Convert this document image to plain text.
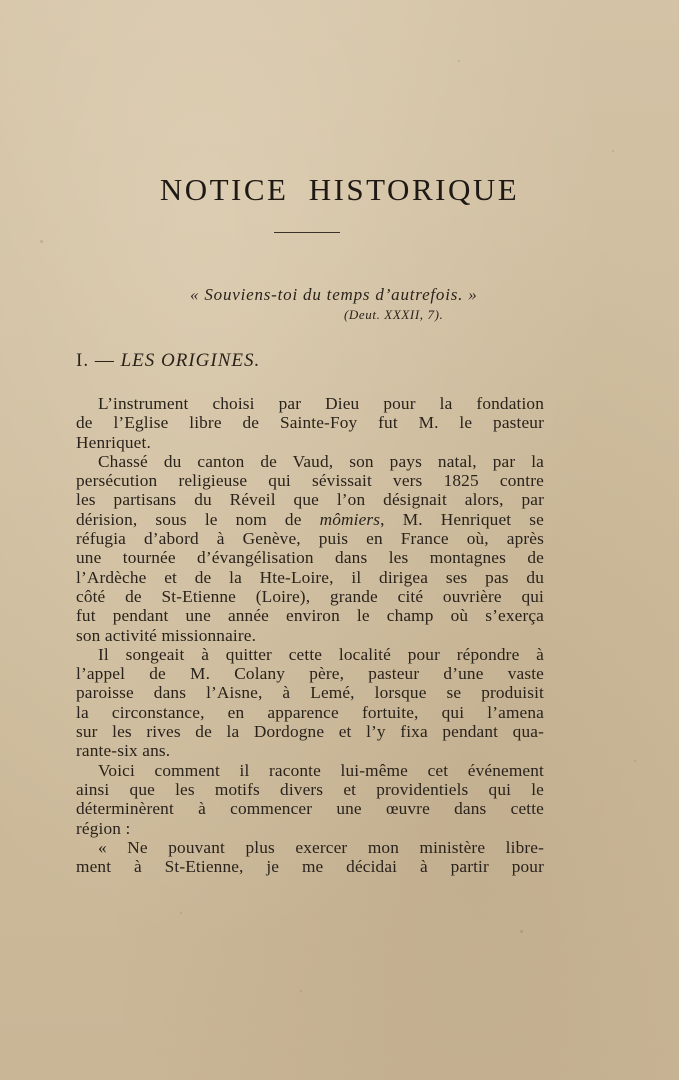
NOTICE HISTORIQUE
« Souviens-toi du temps d’autrefois. »
(Deut. XXXII, 7).
I. — LES ORIGINES.
L’instrument choisi par Dieu pour la fondation
de l’Eglise libre de Sainte-Foy fut M. le pasteur
Henriquet.
Chassé du canton de Vaud, son pays natal, par la
persécution religieuse qui sévissait vers 1825 contre
les partisans du Réveil que l’on désignait alors, par
dérision, sous le nom de mômiers, M. Henriquet se
réfugia d’abord à Genève, puis en France où, après
une tournée d’évangélisation dans les montagnes de
l’Ardèche et de la Hte-Loire, il dirigea ses pas du
côté de St-Etienne (Loire), grande cité ouvrière qui
fut pendant une année environ le champ où s’exerça
son activité missionnaire.
Il songeait à quitter cette localité pour répondre à
l’appel de M. Colany père, pasteur d’une vaste
paroisse dans l’Aisne, à Lemé, lorsque se produisit
la circonstance, en apparence fortuite, qui l’amena
sur les rives de la Dordogne et l’y fixa pendant qua-
rante-six ans.
Voici comment il raconte lui-même cet événement
ainsi que les motifs divers et providentiels qui le
déterminèrent à commencer une œuvre dans cette
région :
« Ne pouvant plus exercer mon ministère libre-
ment à St-Etienne, je me décidai à partir pour
